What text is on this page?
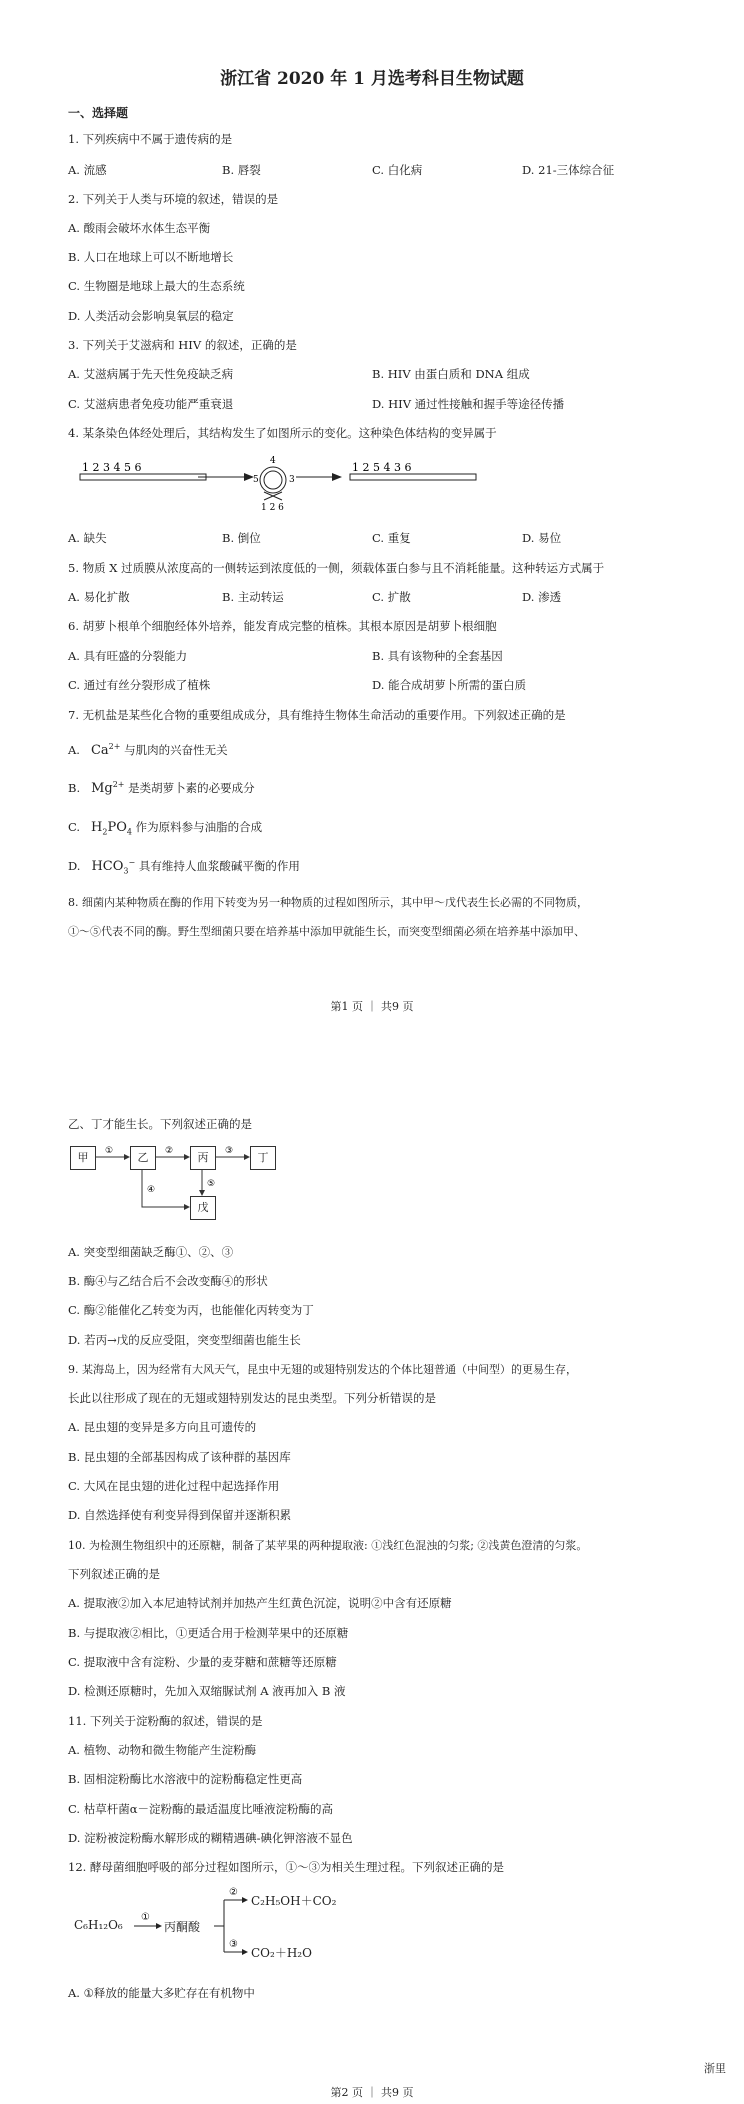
浙江省 2020 年 1 月选考科目生物试题
一、选择题
1. 下列疾病中不属于遗传病的是
A. 流感	B. 唇裂	C. 白化病	D. 21-三体综合征
2. 下列关于人类与环境的叙述，错误的是
A. 酸雨会破坏水体生态平衡
B. 人口在地球上可以不断地增长
C. 生物圈是地球上最大的生态系统
D. 人类活动会影响臭氧层的稳定
3. 下列关于艾滋病和 HIV 的叙述，正确的是
A. 艾滋病属于先天性免疫缺乏病	B. HIV 由蛋白质和 DNA 组成
C. 艾滋病患者免疫功能严重衰退	D. HIV 通过性接触和握手等途径传播
4. 某条染色体经处理后，其结构发生了如图所示的变化。这种染色体结构的变异属于
1 2 3 4 5 6	4
3
5
1 2 6
1 2 5 4 3 6
A. 缺失	B. 倒位	C. 重复	D. 易位
5. 物质 X 过质膜从浓度高的一侧转运到浓度低的一侧，须载体蛋白参与且不消耗能量。这种转运方式属于
A. 易化扩散	B. 主动转运	C. 扩散	D. 渗透
6. 胡萝卜根单个细胞经体外培养，能发育成完整的植株。其根本原因是胡萝卜根细胞
A. 具有旺盛的分裂能力	B. 具有该物种的全套基因
C. 通过有丝分裂形成了植株	D. 能合成胡萝卜所需的蛋白质
7. 无机盐是某些化合物的重要组成成分，具有维持生物体生命活动的重要作用。下列叙述正确的是
A. $Ca^{2+}$ 与肌肉的兴奋性无关
B. $Mg^{2+}$ 是类胡萝卜素的必要成分
C. $H_2PO_4$ 作为原料参与油脂的合成
D. $HCO_3^-$ 具有维持人血浆酸碱平衡的作用
8. 细菌内某种物质在酶的作用下转变为另一种物质的过程如图所示，其中甲～戊代表生长必需的不同物质，
①～⑤代表不同的酶。野生型细菌只要在培养基中添加甲就能生长，而突变型细菌必须在培养基中添加甲、
第1 页 ｜ 共9 页
乙、丁才能生长。下列叙述正确的是
甲	乙	丙	丁
戊
①	②	③
④
⑤
A. 突变型细菌缺乏酶①、②、③
B. 酶④与乙结合后不会改变酶④的形状
C. 酶②能催化乙转变为丙，也能催化丙转变为丁
D. 若丙→戊的反应受阻，突变型细菌也能生长
9. 某海岛上，因为经常有大风天气，昆虫中无翅的或翅特别发达的个体比翅普通（中间型）的更易生存，
长此以往形成了现在的无翅或翅特别发达的昆虫类型。下列分析错误的是
A. 昆虫翅的变异是多方向且可遗传的
B. 昆虫翅的全部基因构成了该种群的基因库
C. 大风在昆虫翅的进化过程中起选择作用
D. 自然选择使有利变异得到保留并逐渐积累
10. 为检测生物组织中的还原糖，制备了某苹果的两种提取液: ①浅红色混浊的匀浆; ②浅黄色澄清的匀浆。
下列叙述正确的是
A. 提取液②加入本尼迪特试剂并加热产生红黄色沉淀，说明②中含有还原糖
B. 与提取液②相比，①更适合用于检测苹果中的还原糖
C. 提取液中含有淀粉、少量的麦芽糖和蔗糖等还原糖
D. 检测还原糖时，先加入双缩脲试剂 A 液再加入 B 液
11. 下列关于淀粉酶的叙述，错误的是
A. 植物、动物和微生物能产生淀粉酶
B. 固相淀粉酶比水溶液中的淀粉酶稳定性更高
C. 枯草杆菌α－淀粉酶的最适温度比唾液淀粉酶的高
D. 淀粉被淀粉酶水解形成的糊精遇碘-碘化钾溶液不显色
12. 酵母菌细胞呼吸的部分过程如图所示，①～③为相关生理过程。下列叙述正确的是
C₆H₁₂O₆	丙酮酸
C₂H₅OH＋CO₂
CO₂＋H₂O
①
②
③
A. ①释放的能量大多贮存在有机物中
第2 页 ｜ 共9 页
浙里
